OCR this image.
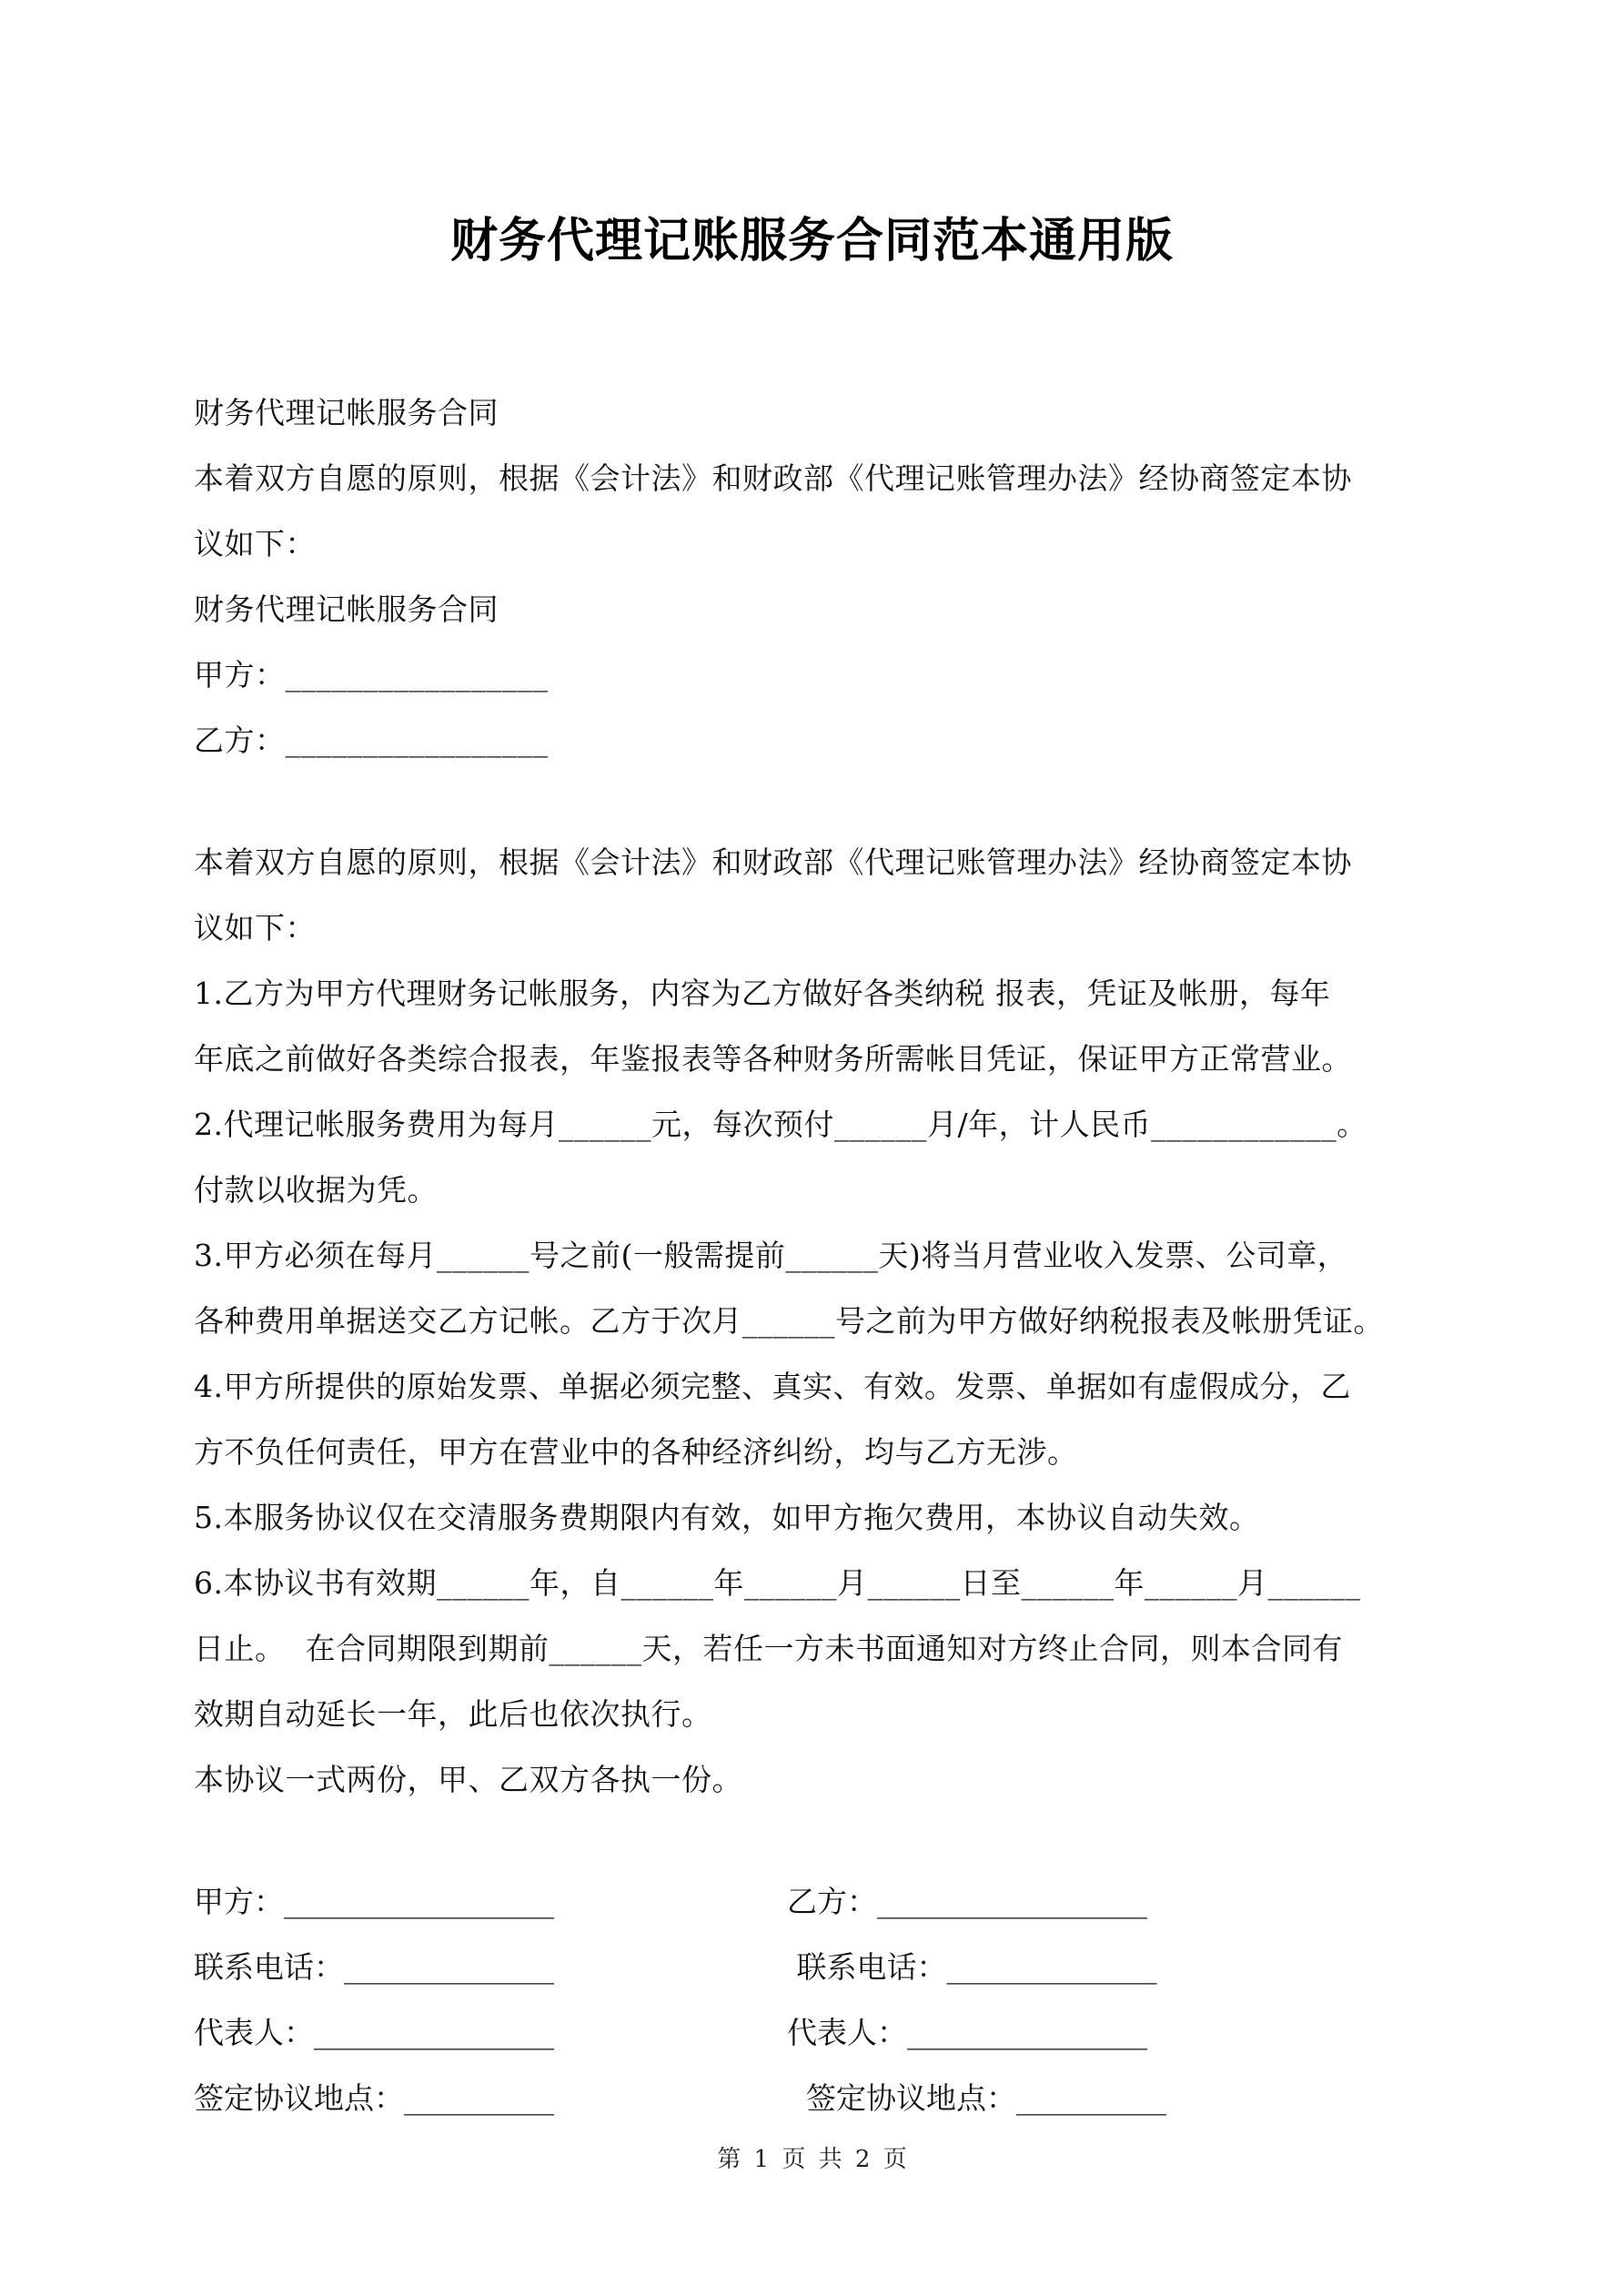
财务代理记账服务合同范本通用版
财务代理记帐服务合同
本着双方自愿的原则，根据《会计法》和财政部《代理记账管理办法》经协商签定本协
议如下：
财务代理记帐服务合同
甲方：_________________
乙方：_________________
本着双方自愿的原则，根据《会计法》和财政部《代理记账管理办法》经协商签定本协
议如下：
1.乙方为甲方代理财务记帐服务，内容为乙方做好各类纳税 报表，凭证及帐册，每年
年底之前做好各类综合报表，年鉴报表等各种财务所需帐目凭证，保证甲方正常营业。
2.代理记帐服务费用为每月______元，每次预付______月/年，计人民币____________。
付款以收据为凭。
3.甲方必须在每月______号之前(一般需提前______天)将当月营业收入发票、公司章，
各种费用单据送交乙方记帐。乙方于次月______号之前为甲方做好纳税报表及帐册凭证。
4.甲方所提供的原始发票、单据必须完整、真实、有效。发票、单据如有虚假成分，乙
方不负任何责任，甲方在营业中的各种经济纠纷，均与乙方无涉。
5.本服务协议仅在交清服务费期限内有效，如甲方拖欠费用，本协议自动失效。
6.本协议书有效期______年，自______年______月______日至______年______月______
日止。  在合同期限到期前______天，若任一方未书面通知对方终止合同，则本合同有
效期自动延长一年，此后也依次执行。
本协议一式两份，甲、乙双方各执一份。
甲方：__________________
联系电话：______________
代表人：________________
签定协议地点：__________
乙方：__________________
联系电话：______________
代表人：________________
签定协议地点：__________
第 1 页 共 2 页
